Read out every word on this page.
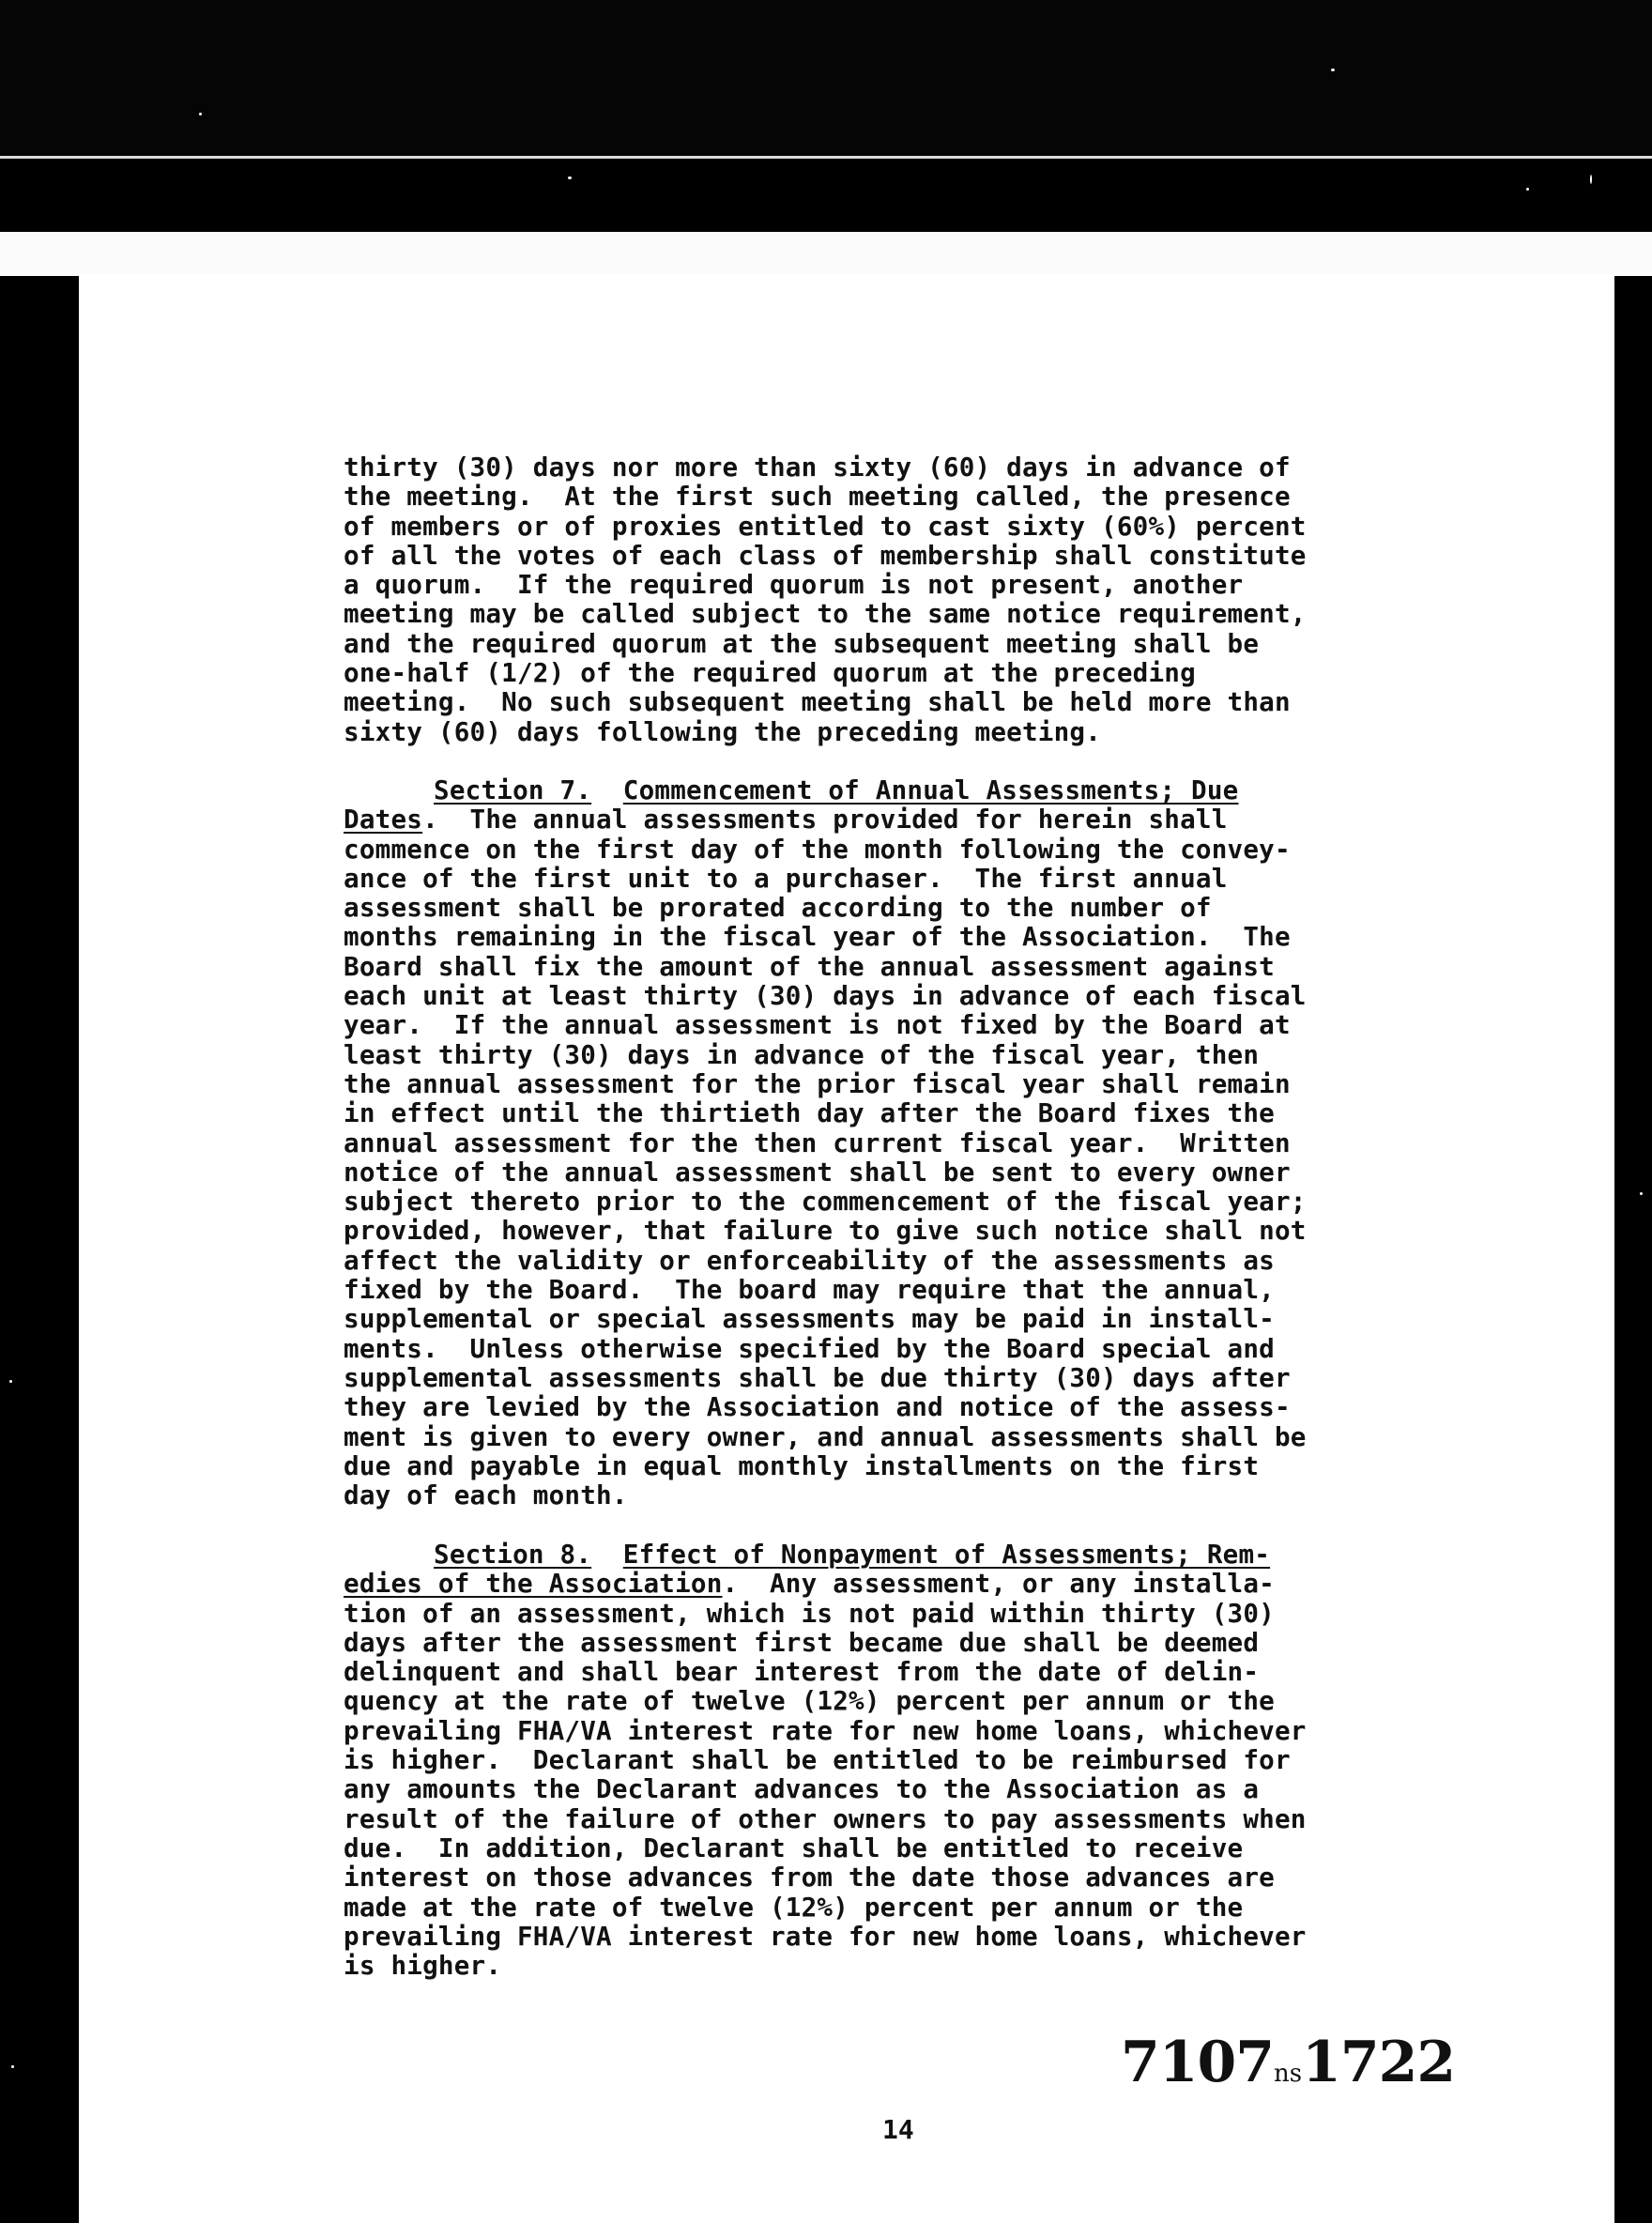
thirty (30) days nor more than sixty (60) days in advance of
the meeting.  At the first such meeting called, the presence
of members or of proxies entitled to cast sixty (60%) percent
of all the votes of each class of membership shall constitute
a quorum.  If the required quorum is not present, another
meeting may be called subject to the same notice requirement,
and the required quorum at the subsequent meeting shall be
one-half (1/2) of the required quorum at the preceding
meeting.  No such subsequent meeting shall be held more than
sixty (60) days following the preceding meeting.
Section 7. Commencement of Annual Assessments; Due
Dates.  The annual assessments provided for herein shall
commence on the first day of the month following the convey-
ance of the first unit to a purchaser.  The first annual
assessment shall be prorated according to the number of
months remaining in the fiscal year of the Association.  The
Board shall fix the amount of the annual assessment against
each unit at least thirty (30) days in advance of each fiscal
year.  If the annual assessment is not fixed by the Board at
least thirty (30) days in advance of the fiscal year, then
the annual assessment for the prior fiscal year shall remain
in effect until the thirtieth day after the Board fixes the
annual assessment for the then current fiscal year.  Written
notice of the annual assessment shall be sent to every owner
subject thereto prior to the commencement of the fiscal year;
provided, however, that failure to give such notice shall not
affect the validity or enforceability of the assessments as
fixed by the Board.  The board may require that the annual,
supplemental or special assessments may be paid in install-
ments.  Unless otherwise specified by the Board special and
supplemental assessments shall be due thirty (30) days after
they are levied by the Association and notice of the assess-
ment is given to every owner, and annual assessments shall be
due and payable in equal monthly installments on the first
day of each month.
Section 8. Effect of Nonpayment of Assessments; Rem-
edies of the Association.  Any assessment, or any installa-
tion of an assessment, which is not paid within thirty (30)
days after the assessment first became due shall be deemed
delinquent and shall bear interest from the date of delin-
quency at the rate of twelve (12%) percent per annum or the
prevailing FHA/VA interest rate for new home loans, whichever
is higher.  Declarant shall be entitled to be reimbursed for
any amounts the Declarant advances to the Association as a
result of the failure of other owners to pay assessments when
due.  In addition, Declarant shall be entitled to receive
interest on those advances from the date those advances are
made at the rate of twelve (12%) percent per annum or the
prevailing FHA/VA interest rate for new home loans, whichever
is higher.
7107ns1722
14
